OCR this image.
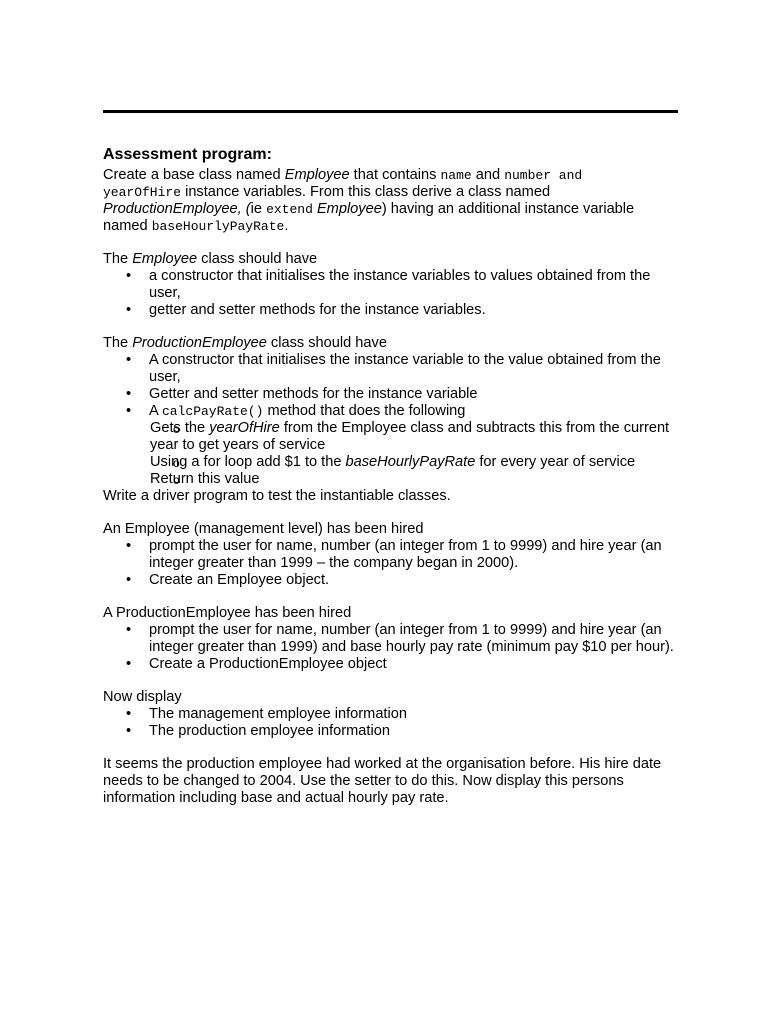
Assessment program:

Create a base class named Employee that contains name and number and
yearOfHire instance variables. From this class derive a class named
ProductionEmployee, (ie extend Employee) having an additional instance variable
named baseHourlyPayRate.

The Employee class should have

• a constructor that initialises the instance variables to values obtained from the user,
• getter and setter methods for the instance variables.

The ProductionEmployee class should have

• A constructor that initialises the instance variable to the value obtained from the user,
• Getter and setter methods for the instance variable
• A calcPayRate() method that does the following
o Gets the yearOfHire from the Employee class and subtracts this from the current year to get years of service
o Using a for loop add $1 to the baseHourlyPayRate for every year of service
o Return this value

Write a driver program to test the instantiable classes.

An Employee (management level) has been hired

• prompt the user for name, number (an integer from 1 to 9999) and hire year (an integer greater than 1999 – the company began in 2000).
• Create an Employee object.

A ProductionEmployee has been hired

• prompt the user for name, number (an integer from 1 to 9999) and hire year (an integer greater than 1999) and base hourly pay rate (minimum pay $10 per hour).
• Create a ProductionEmployee object

Now display

• The management employee information
• The production employee information

It seems the production employee had worked at the organisation before. His hire date needs to be changed to 2004. Use the setter to do this. Now display this persons information including base and actual hourly pay rate.
